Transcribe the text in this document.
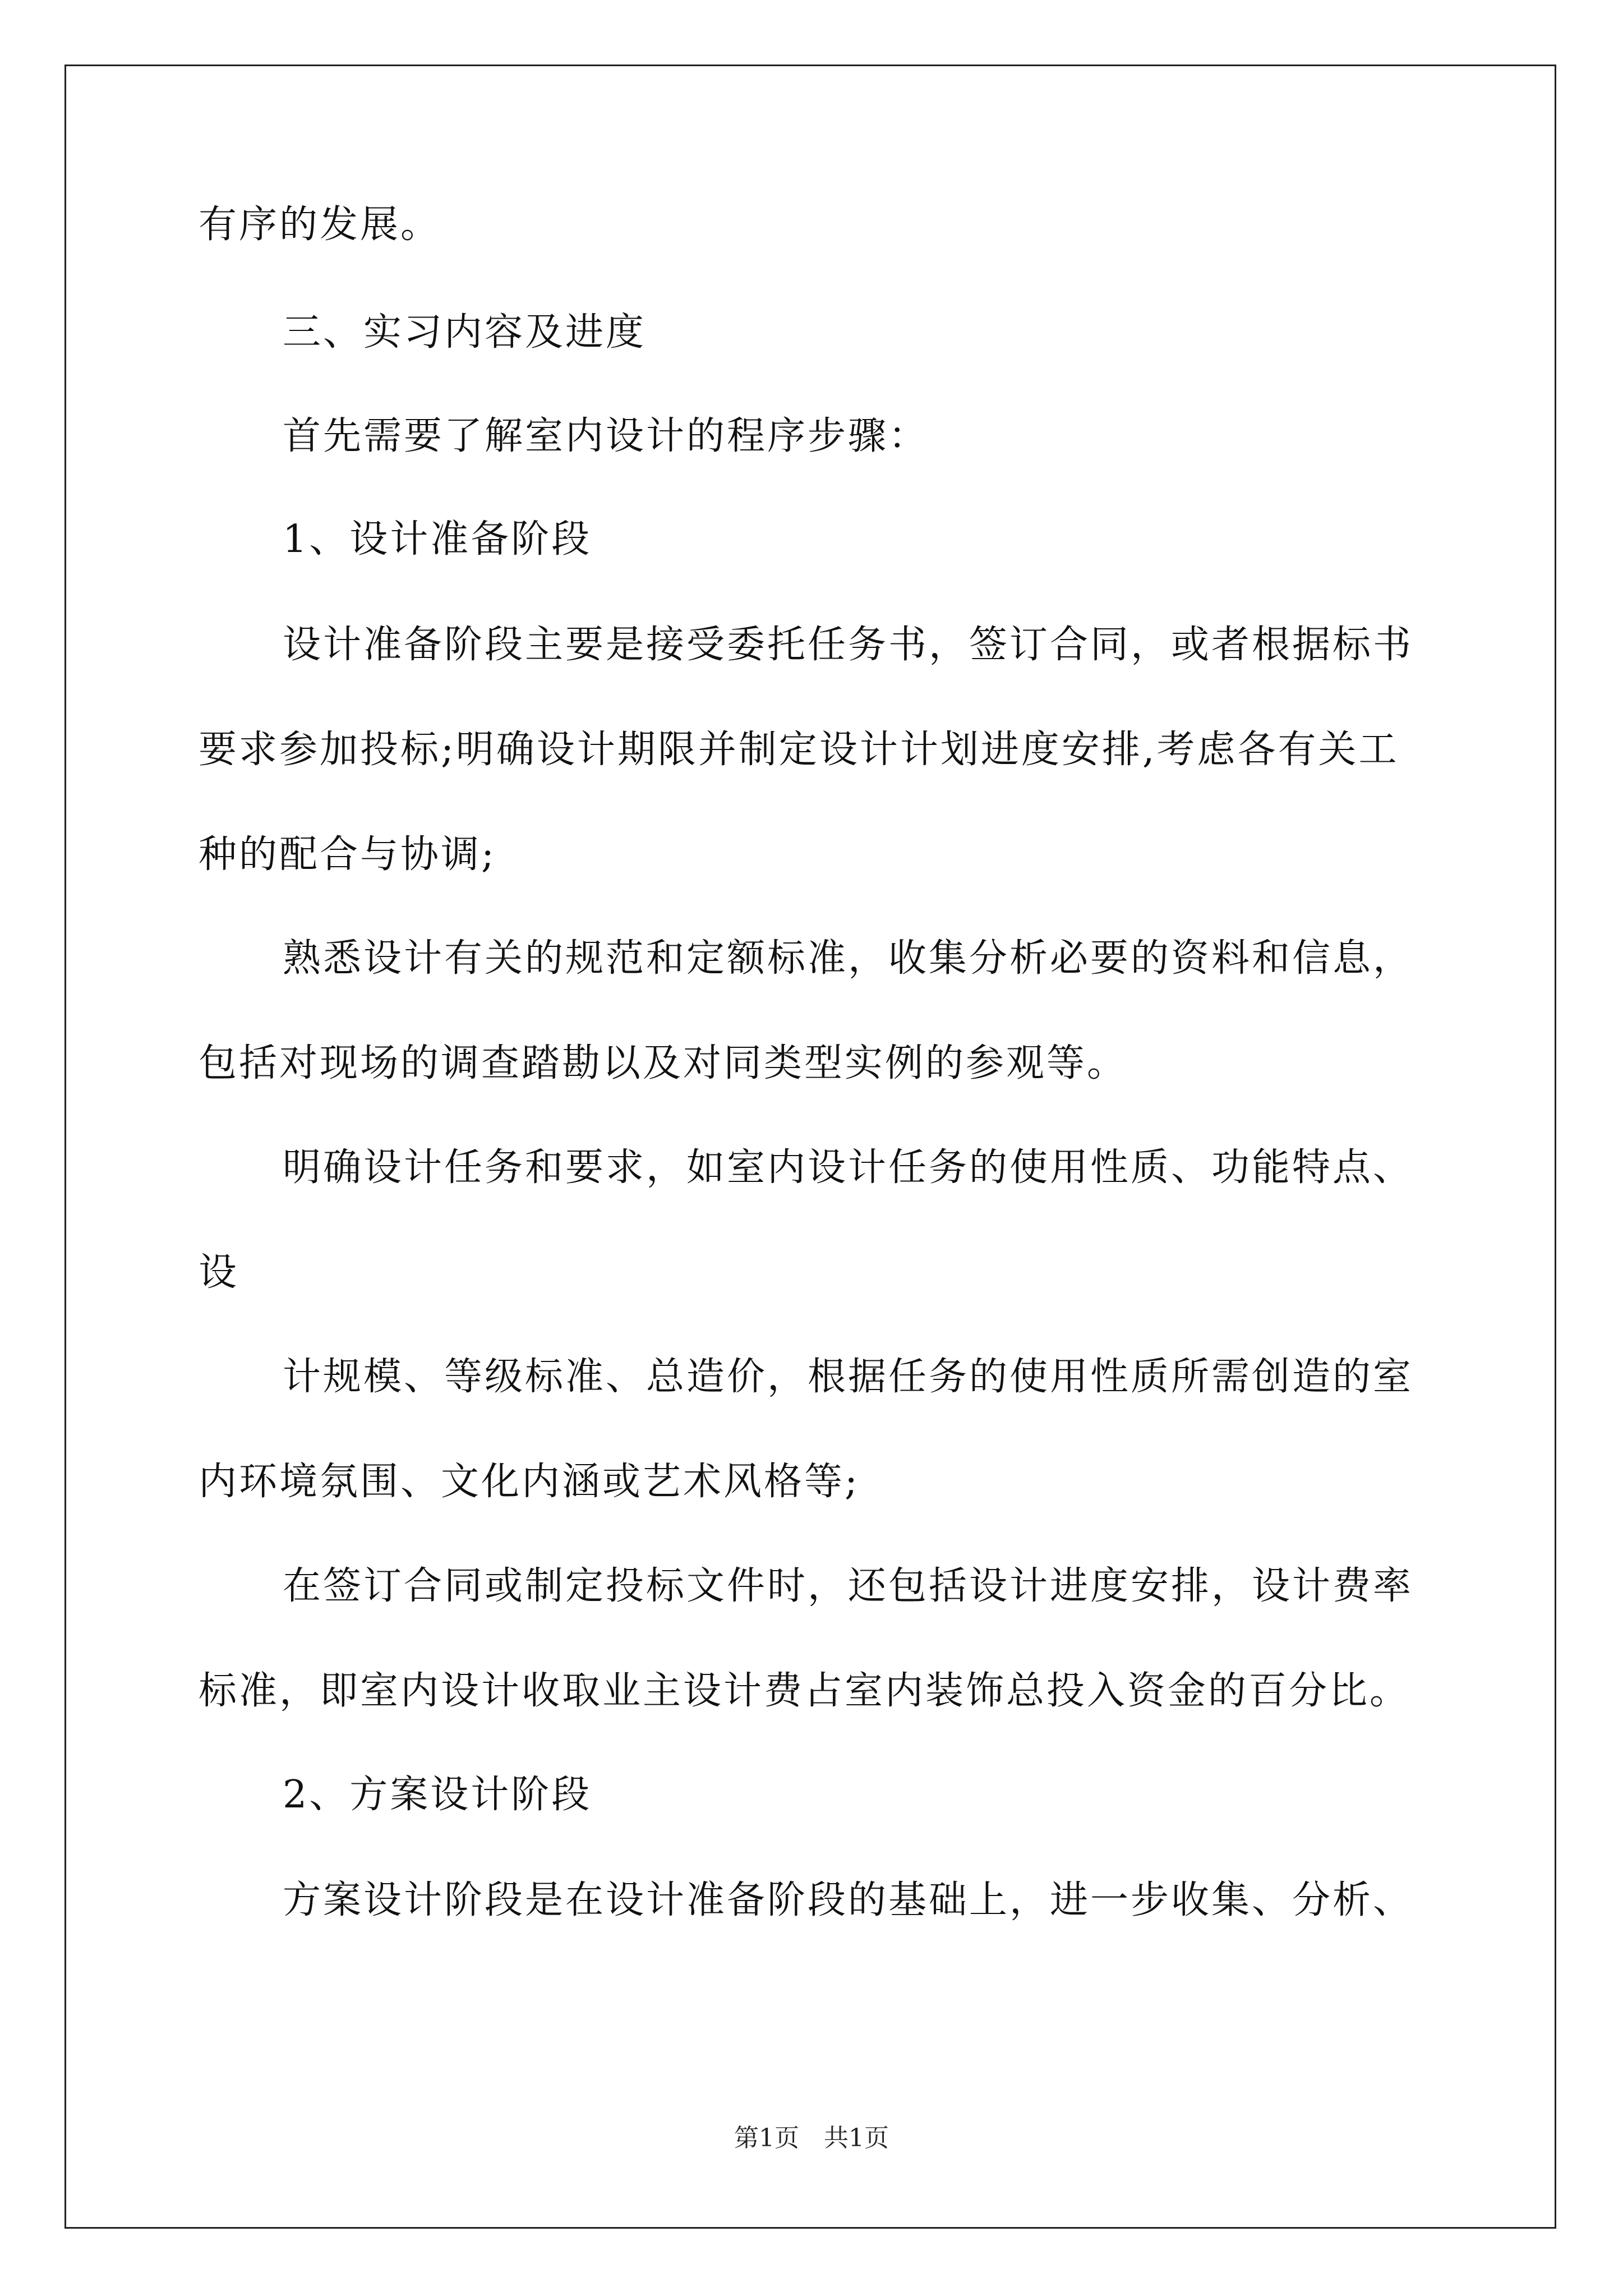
有序的发展。
三、实习内容及进度
首先需要了解室内设计的程序步骤：
1、设计准备阶段
设计准备阶段主要是接受委托任务书，签订合同，或者根据标书
要求参加投标;明确设计期限并制定设计计划进度安排,考虑各有关工
种的配合与协调;
熟悉设计有关的规范和定额标准，收集分析必要的资料和信息，
包括对现场的调查踏勘以及对同类型实例的参观等。
明确设计任务和要求，如室内设计任务的使用性质、功能特点、
设
计规模、等级标准、总造价，根据任务的使用性质所需创造的室
内环境氛围、文化内涵或艺术风格等;
在签订合同或制定投标文件时，还包括设计进度安排，设计费率
标准，即室内设计收取业主设计费占室内装饰总投入资金的百分比。
2、方案设计阶段
方案设计阶段是在设计准备阶段的基础上，进一步收集、分析、
第1页　共1页
